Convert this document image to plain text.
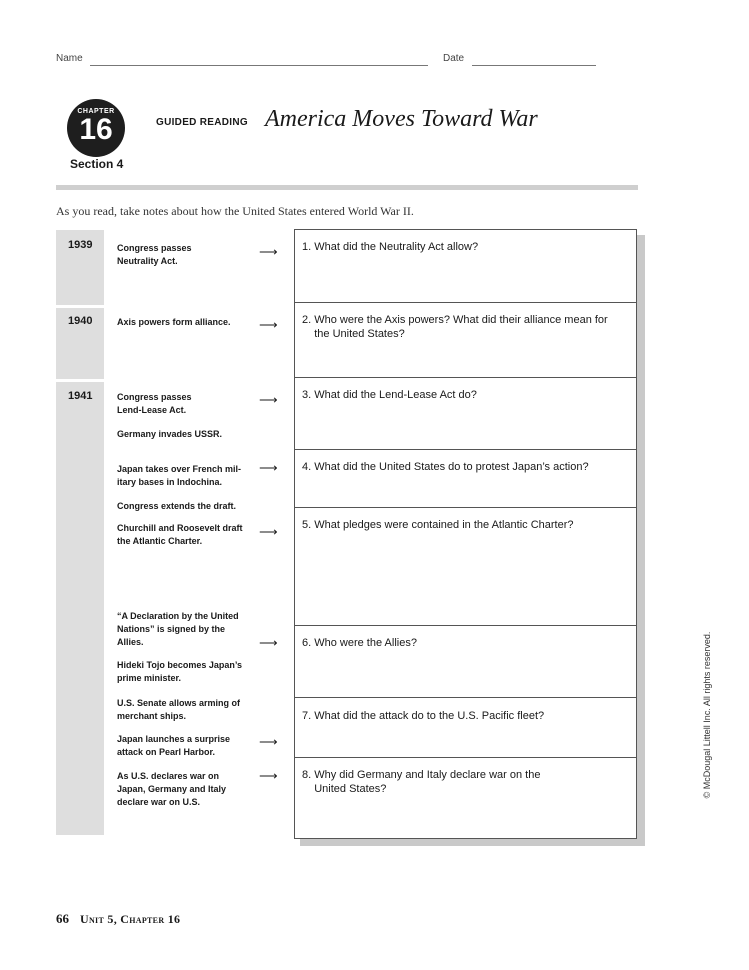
Name	Date
CHAPTER
16
Section 4
GUIDED READING America Moves Toward War
As you read, take notes about how the United States entered World War II.
1939
1940
1941
Congress passes
Neutrality Act.
Axis powers form alliance.
Congress passes
Lend-Lease Act.
Germany invades USSR.
Japan takes over French mil-
itary bases in Indochina.
Congress extends the draft.
Churchill and Roosevelt draft
the Atlantic Charter.
“A Declaration by the United
Nations” is signed by the
Allies.
Hideki Tojo becomes Japan’s
prime minister.
U.S. Senate allows arming of
merchant ships.
Japan launches a surprise
attack on Pearl Harbor.
As U.S. declares war on
Japan, Germany and Italy
declare war on U.S.
⟶
⟶
⟶
⟶
⟶
⟶
⟶
⟶
1. What did the Neutrality Act allow?
2. Who were the Axis powers? What did their alliance mean for
the United States?
3. What did the Lend-Lease Act do?
4. What did the United States do to protest Japan’s action?
5. What pledges were contained in the Atlantic Charter?
6. Who were the Allies?
7. What did the attack do to the U.S. Pacific fleet?
8. Why did Germany and Italy declare war on the
United States?	© McDougal Littell Inc. All rights reserved.
66 Unit 5, Chapter 16
